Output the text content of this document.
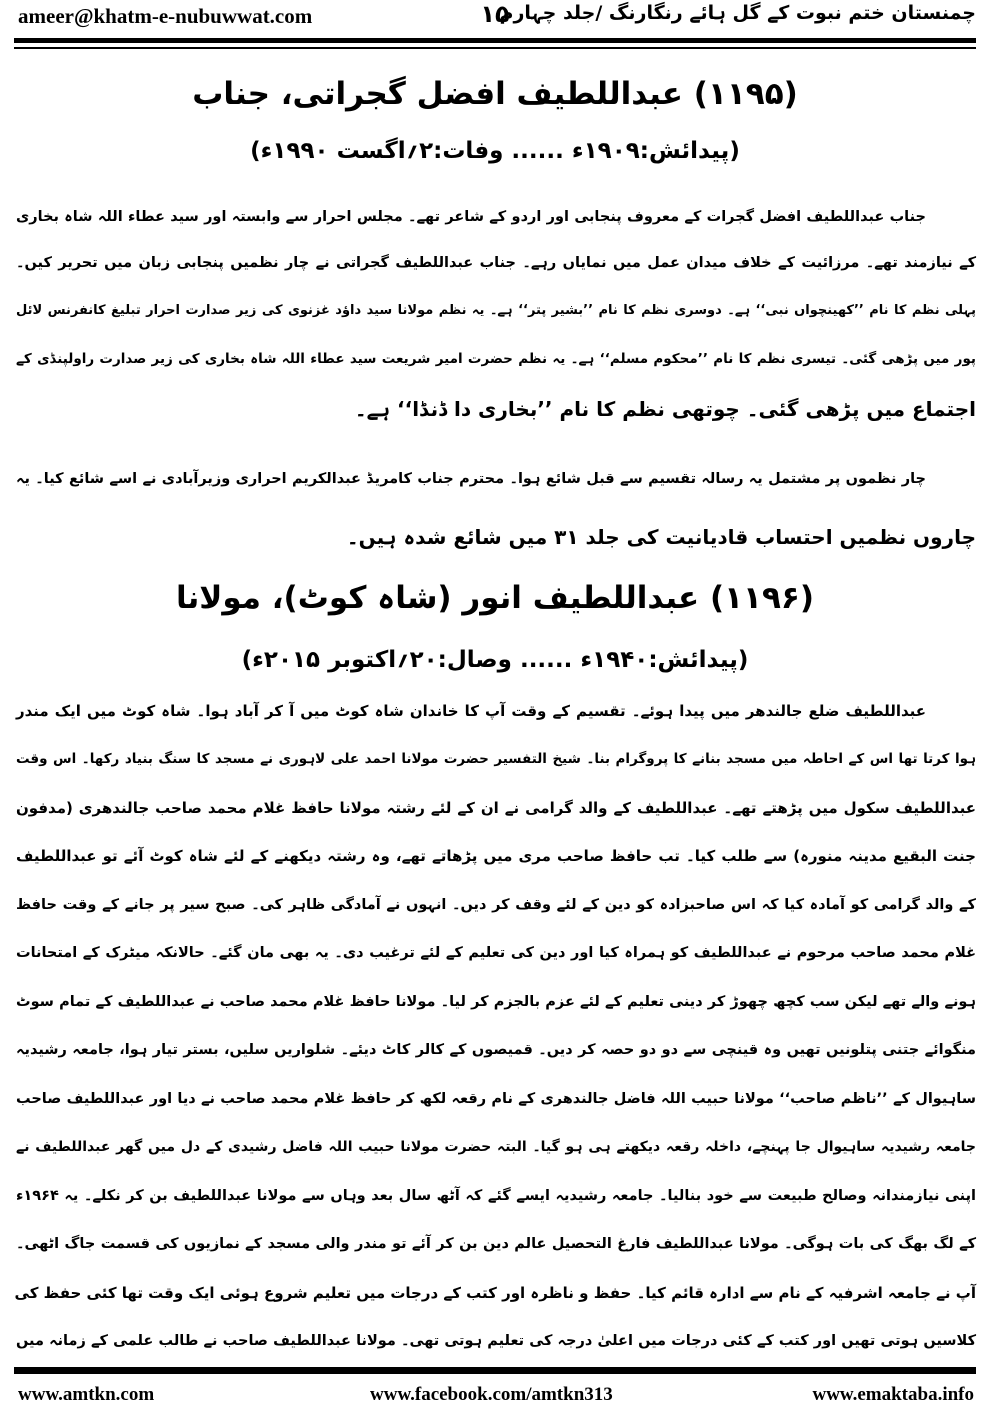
ameer@khatm-e-nubuwwat.com	۱۵
چمنستان ختم نبوت کے گل ہائے رنگارنگ /جلد چہارم
(۱۱۹۵) عبداللطیف افضل گجراتی، جناب
(پیدائش:۱۹۰۹ء ...... وفات:۲؍اگست ۱۹۹۰ء)
جناب عبداللطیف افضل گجرات کے معروف پنجابی اور اردو کے شاعر تھے۔ مجلس احرار سے وابستہ اور سید عطاء اللہ شاہ بخاری
کے نیازمند تھے۔ مرزائیت کے خلاف میدان عمل میں نمایاں رہے۔ جناب عبداللطیف گجراتی نے چار نظمیں پنجابی زبان میں تحریر کیں۔
پہلی نظم کا نام ’’کھینچواں نبی‘‘ ہے۔ دوسری نظم کا نام ’’بشیر پتر‘‘ ہے۔ یہ نظم مولانا سید داؤد غزنوی کی زیر صدارت احرار تبلیغ کانفرنس لائل
پور میں پڑھی گئی۔ تیسری نظم کا نام ’’محکوم مسلم‘‘ ہے۔ یہ نظم حضرت امیر شریعت سید عطاء اللہ شاہ بخاری کی زیر صدارت راولپنڈی کے
اجتماع میں پڑھی گئی۔ چوتھی نظم کا نام ’’بخاری دا ڈنڈا‘‘ ہے۔
چار نظموں پر مشتمل یہ رسالہ تقسیم سے قبل شائع ہوا۔ محترم جناب کامریڈ عبدالکریم احراری وزیرآبادی نے اسے شائع کیا۔ یہ
چاروں نظمیں احتساب قادیانیت کی جلد ۳۱ میں شائع شدہ ہیں۔
(۱۱۹۶) عبداللطیف انور (شاہ کوٹ)، مولانا
(پیدائش:۱۹۴۰ء ...... وصال:۲۰؍اکتوبر ۲۰۱۵ء)
عبداللطیف ضلع جالندھر میں پیدا ہوئے۔ تقسیم کے وقت آپ کا خاندان شاہ کوٹ میں آ کر آباد ہوا۔ شاہ کوٹ میں ایک مندر
ہوا کرتا تھا اس کے احاطہ میں مسجد بنانے کا پروگرام بنا۔ شیخ التفسیر حضرت مولانا احمد علی لاہوری نے مسجد کا سنگ بنیاد رکھا۔ اس وقت
عبداللطیف سکول میں پڑھتے تھے۔ عبداللطیف کے والد گرامی نے ان کے لئے رشتہ مولانا حافظ غلام محمد صاحب جالندھری (مدفون
جنت البقیع مدینہ منورہ) سے طلب کیا۔ تب حافظ صاحب مری میں پڑھاتے تھے، وہ رشتہ دیکھنے کے لئے شاہ کوٹ آئے تو عبداللطیف
کے والد گرامی کو آمادہ کیا کہ اس صاحبزادہ کو دین کے لئے وقف کر دیں۔ انہوں نے آمادگی ظاہر کی۔ صبح سیر پر جانے کے وقت حافظ
غلام محمد صاحب مرحوم نے عبداللطیف کو ہمراہ کیا اور دین کی تعلیم کے لئے ترغیب دی۔ یہ بھی مان گئے۔ حالانکہ میٹرک کے امتحانات
ہونے والے تھے لیکن سب کچھ چھوڑ کر دینی تعلیم کے لئے عزم بالجزم کر لیا۔ مولانا حافظ غلام محمد صاحب نے عبداللطیف کے تمام سوٹ
منگوائے جتنی پتلونیں تھیں وہ قینچی سے دو دو حصہ کر دیں۔ قمیصوں کے کالر کاٹ دیئے۔ شلواریں سلیں، بستر تیار ہوا، جامعہ رشیدیہ
ساہیوال کے ’’ناظم صاحب‘‘ مولانا حبیب اللہ فاضل جالندھری کے نام رقعہ لکھ کر حافظ غلام محمد صاحب نے دیا اور عبداللطیف صاحب
جامعہ رشیدیہ ساہیوال جا پہنچے، داخلہ رقعہ دیکھتے ہی ہو گیا۔ البتہ حضرت مولانا حبیب اللہ فاضل رشیدی کے دل میں گھر عبداللطیف نے
اپنی نیازمندانہ وصالح طبیعت سے خود بنالیا۔ جامعہ رشیدیہ ایسے گئے کہ آٹھ سال بعد وہاں سے مولانا عبداللطیف بن کر نکلے۔ یہ ۱۹۶۴ء
کے لگ بھگ کی بات ہوگی۔ مولانا عبداللطیف فارغ التحصیل عالم دین بن کر آئے تو مندر والی مسجد کے نمازیوں کی قسمت جاگ اٹھی۔
آپ نے جامعہ اشرفیہ کے نام سے ادارہ قائم کیا۔ حفظ و ناظرہ اور کتب کے درجات میں تعلیم شروع ہوئی ایک وقت تھا کئی حفظ کی
کلاسیں ہوتی تھیں اور کتب کے کئی درجات میں اعلیٰ درجہ کی تعلیم ہوتی تھی۔ مولانا عبداللطیف صاحب نے طالب علمی کے زمانہ میں
www.amtkn.com	www.facebook.com/amtkn313	www.emaktaba.info
